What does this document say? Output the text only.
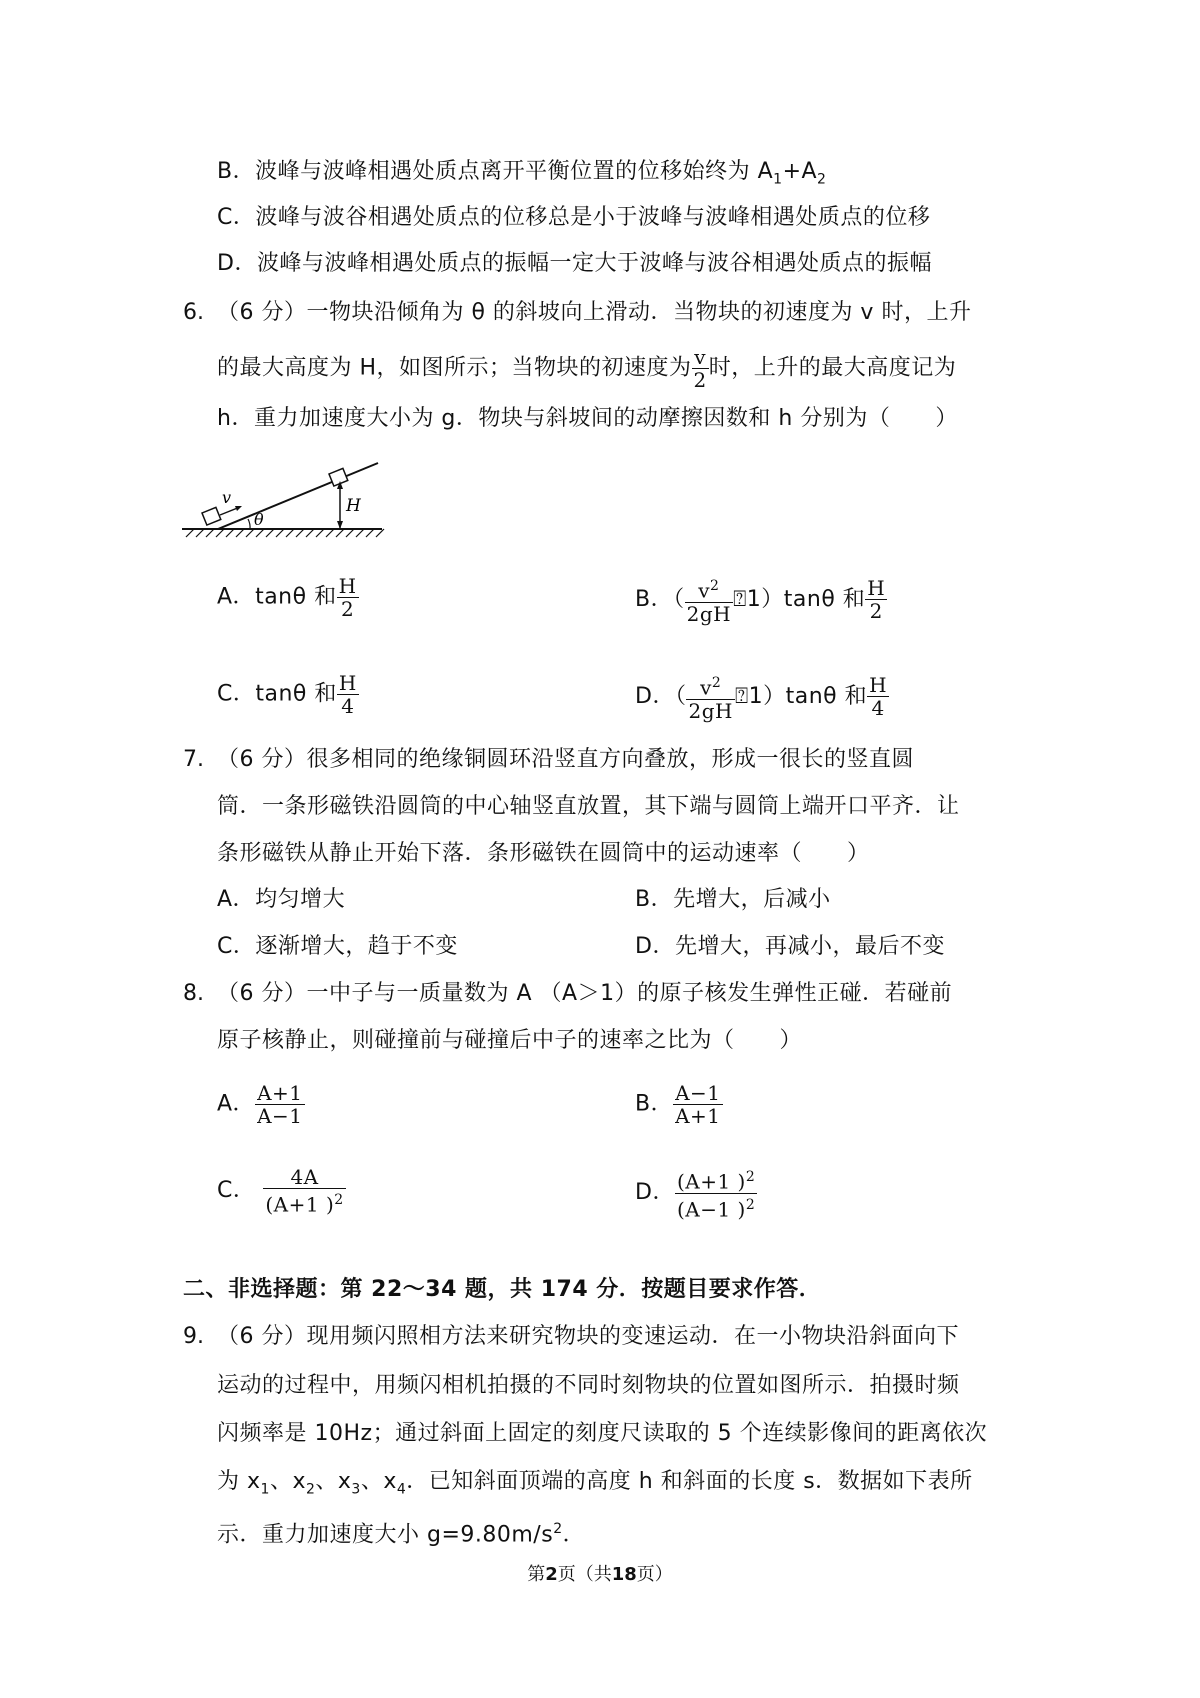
B．波峰与波峰相遇处质点离开平衡位置的位移始终为 $A_1+A_2$
C．波峰与波谷相遇处质点的位移总是小于波峰与波峰相遇处质点的位移
D．波峰与波峰相遇处质点的振幅一定大于波峰与波谷相遇处质点的振幅
6. （6 分）一物块沿倾角为 θ 的斜坡向上滑动．当物块的初速度为 v 时，上升
的最大高度为 H，如图所示；当物块的初速度为 $\frac{v}{2}$ 时，上升的最大高度记为
h．重力加速度大小为 g．物块与斜坡间的动摩擦因数和 h 分别为（　　）
v
θ
H
A．tanθ 和 $\frac{H}{2}$	B．（ $\frac{v^2}{2gH}$ ⍰1）tanθ 和 $\frac{H}{2}$
C．tanθ 和 $\frac{H}{4}$	D．（ $\frac{v^2}{2gH}$ ⍰1）tanθ 和 $\frac{H}{4}$
7. （6 分）很多相同的绝缘铜圆环沿竖直方向叠放，形成一很长的竖直圆
筒．一条形磁铁沿圆筒的中心轴竖直放置，其下端与圆筒上端开口平齐．让
条形磁铁从静止开始下落．条形磁铁在圆筒中的运动速率（　　）
A．均匀增大	B．先增大，后减小
C．逐渐增大，趋于不变	D．先增大，再减小，最后不变
8. （6 分）一中子与一质量数为 A （A＞1）的原子核发生弹性正碰．若碰前
原子核静止，则碰撞前与碰撞后中子的速率之比为（　　）
A． $\frac{A+1}{A-1}$	B． $\frac{A-1}{A+1}$
C． $\frac{4A}{(A+1 )^2}$	D． $\frac{(A+1 )^2}{(A-1 )^2}$
二、非选择题：第 22～34 题，共 174 分．按题目要求作答．
9. （6 分）现用频闪照相方法来研究物块的变速运动．在一小物块沿斜面向下
运动的过程中，用频闪相机拍摄的不同时刻物块的位置如图所示．拍摄时频
闪频率是 10Hz；通过斜面上固定的刻度尺读取的 5 个连续影像间的距离依次
为 $x_1$、$x_2$、$x_3$、$x_4$．已知斜面顶端的高度 h 和斜面的长度 s．数据如下表所
示．重力加速度大小 $g=9.80m/s^2$．
第2页（共18页）
